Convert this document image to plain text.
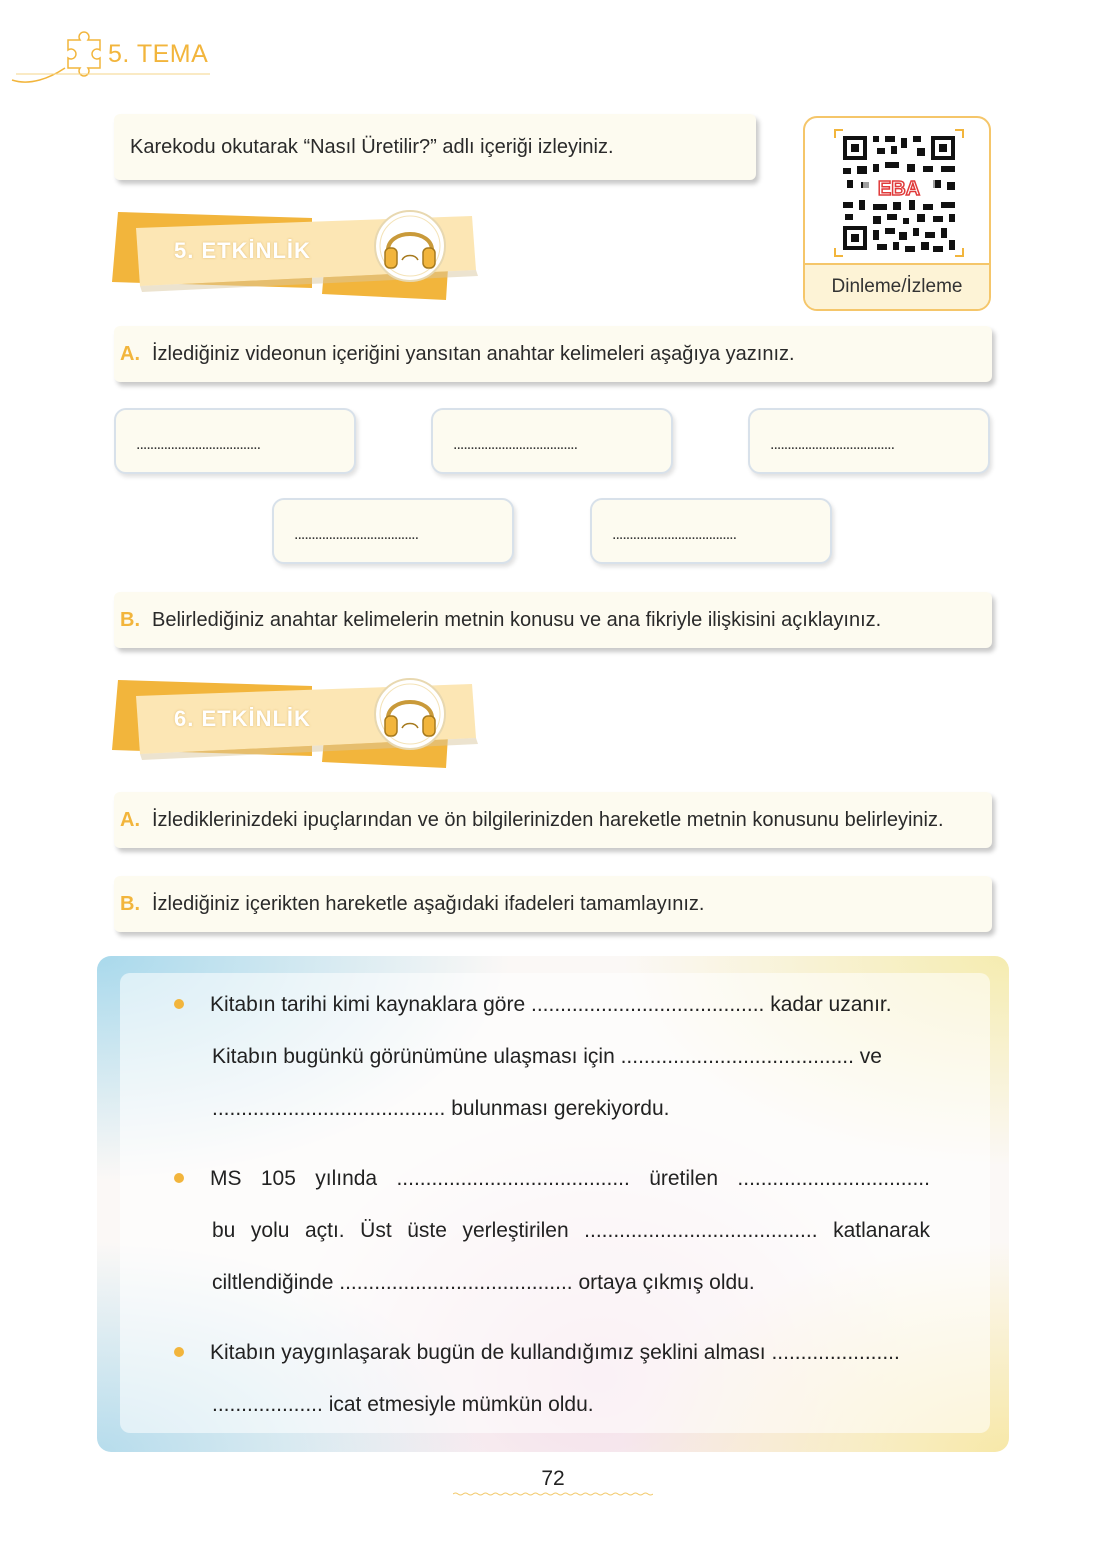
5. TEMA
Karekodu okutarak “Nasıl Üretilir?” adlı içeriği izleyiniz.
EBA
Dinleme/İzleme
5. ETKİNLİK
A. İzlediğiniz videonun içeriğini yansıtan anahtar kelimeleri aşağıya yazınız.
....................................	....................................	....................................
....................................	....................................
B. Belirlediğiniz anahtar kelimelerin metnin konusu ve ana fikriyle ilişkisini açıklayınız.
6. ETKİNLİK
A. İzlediklerinizdeki ipuçlarından ve ön bilgilerinizden hareketle metnin konusunu belirleyiniz.
B. İzlediğiniz içerikten hareketle aşağıdaki ifadeleri tamamlayınız.
Kitabın tarihi kimi kaynaklara göre ........................................ kadar uzanır.
Kitabın bugünkü görünümüne ulaşması için ........................................ ve
........................................ bulunması gerekiyordu.
MS 105 yılında ........................................ üretilen .................................
bu yolu açtı. Üst üste yerleştirilen ........................................ katlanarak
ciltlendiğinde ........................................ ortaya çıkmış oldu.
Kitabın yaygınlaşarak bugün de kullandığımız şeklini alması ......................
................... icat etmesiyle mümkün oldu.
72
